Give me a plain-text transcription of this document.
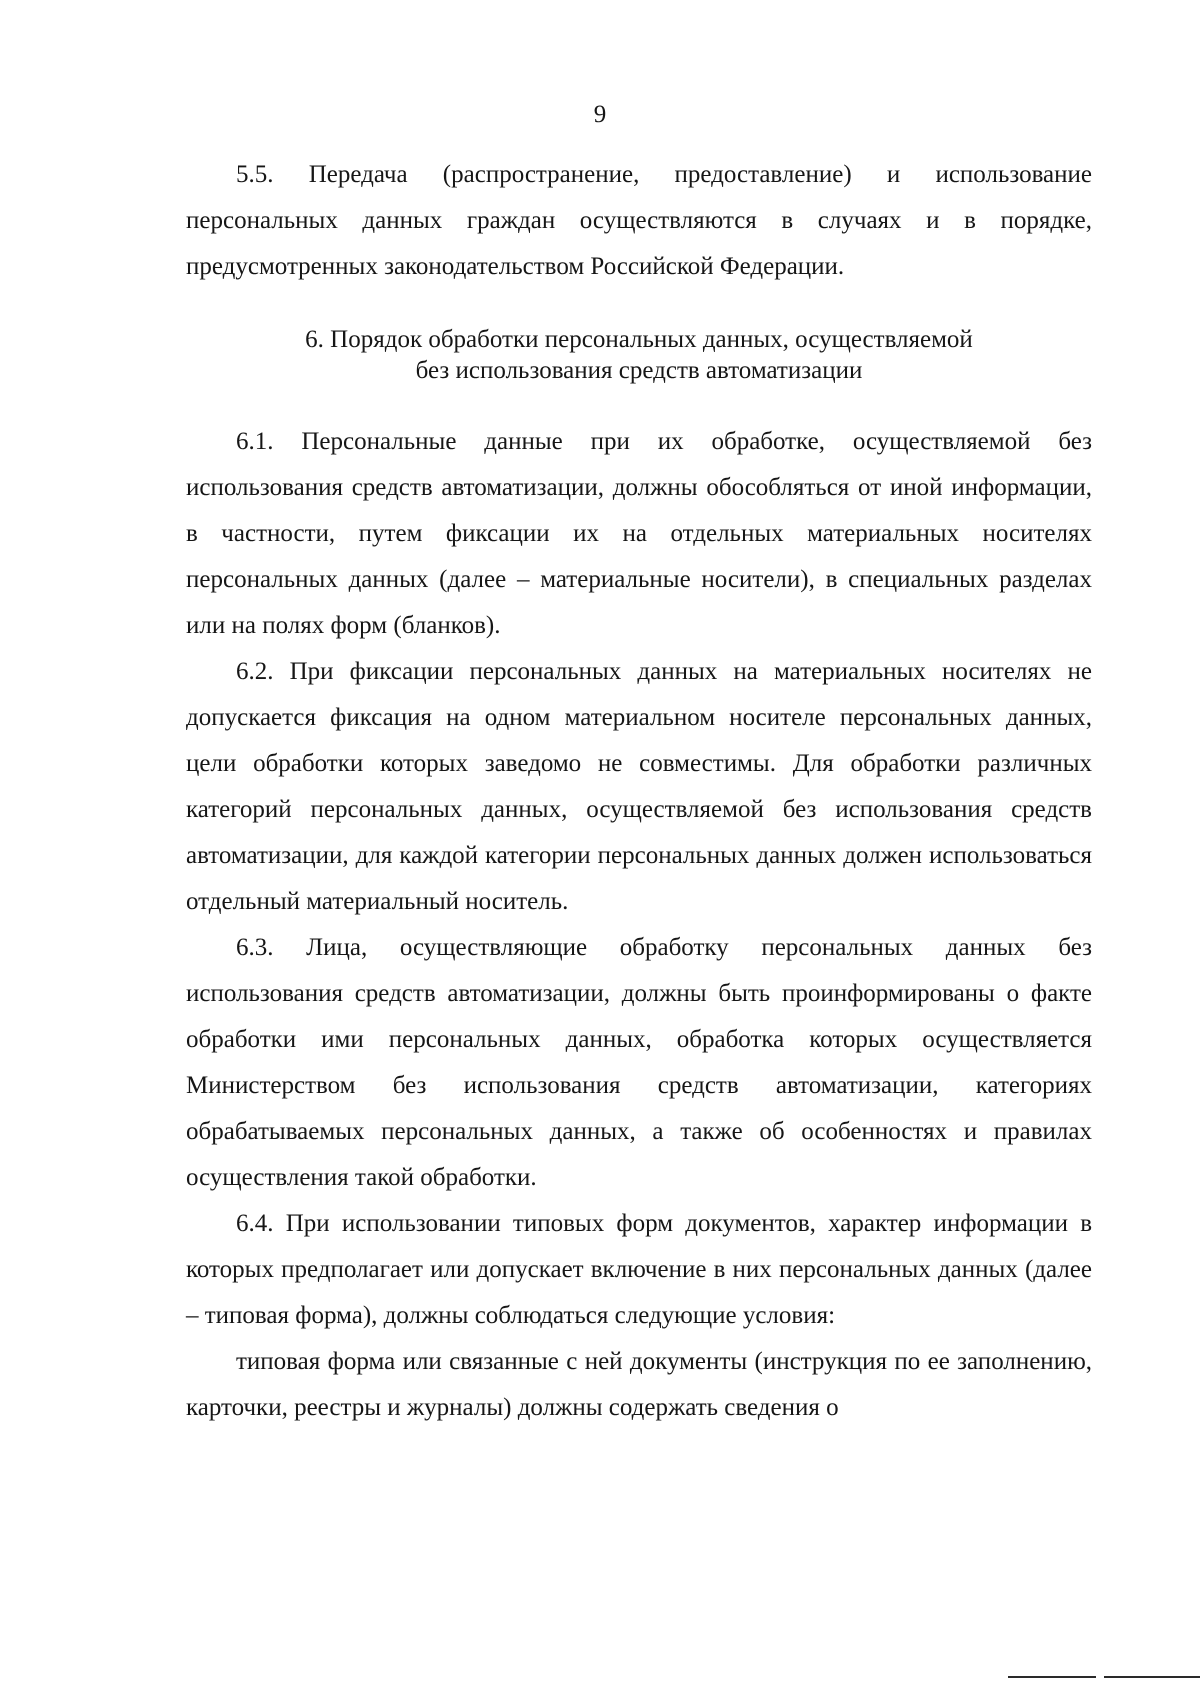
9

5.5. Передача (распространение, предоставление) и использование персональных данных граждан осуществляются в случаях и в порядке, предусмотренных законодательством Российской Федерации.

6. Порядок обработки персональных данных, осуществляемой
без использования средств автоматизации

6.1. Персональные данные при их обработке, осуществляемой без использования средств автоматизации, должны обособляться от иной информации, в частности, путем фиксации их на отдельных материальных носителях персональных данных (далее – материальные носители), в специальных разделах или на полях форм (бланков).

6.2. При фиксации персональных данных на материальных носителях не допускается фиксация на одном материальном носителе персональных данных, цели обработки которых заведомо не совместимы. Для обработки различных категорий персональных данных, осуществляемой без использования средств автоматизации, для каждой категории персональных данных должен использоваться отдельный материальный носитель.

6.3. Лица, осуществляющие обработку персональных данных без использования средств автоматизации, должны быть проинформированы о факте обработки ими персональных данных, обработка которых осуществляется Министерством без использования средств автоматизации, категориях обрабатываемых персональных данных, а также об особенностях и правилах осуществления такой обработки.

6.4. При использовании типовых форм документов, характер информации в которых предполагает или допускает включение в них персональных данных (далее – типовая форма), должны соблюдаться следующие условия:

типовая форма или связанные с ней документы (инструкция по ее заполнению, карточки, реестры и журналы) должны содержать сведения о
